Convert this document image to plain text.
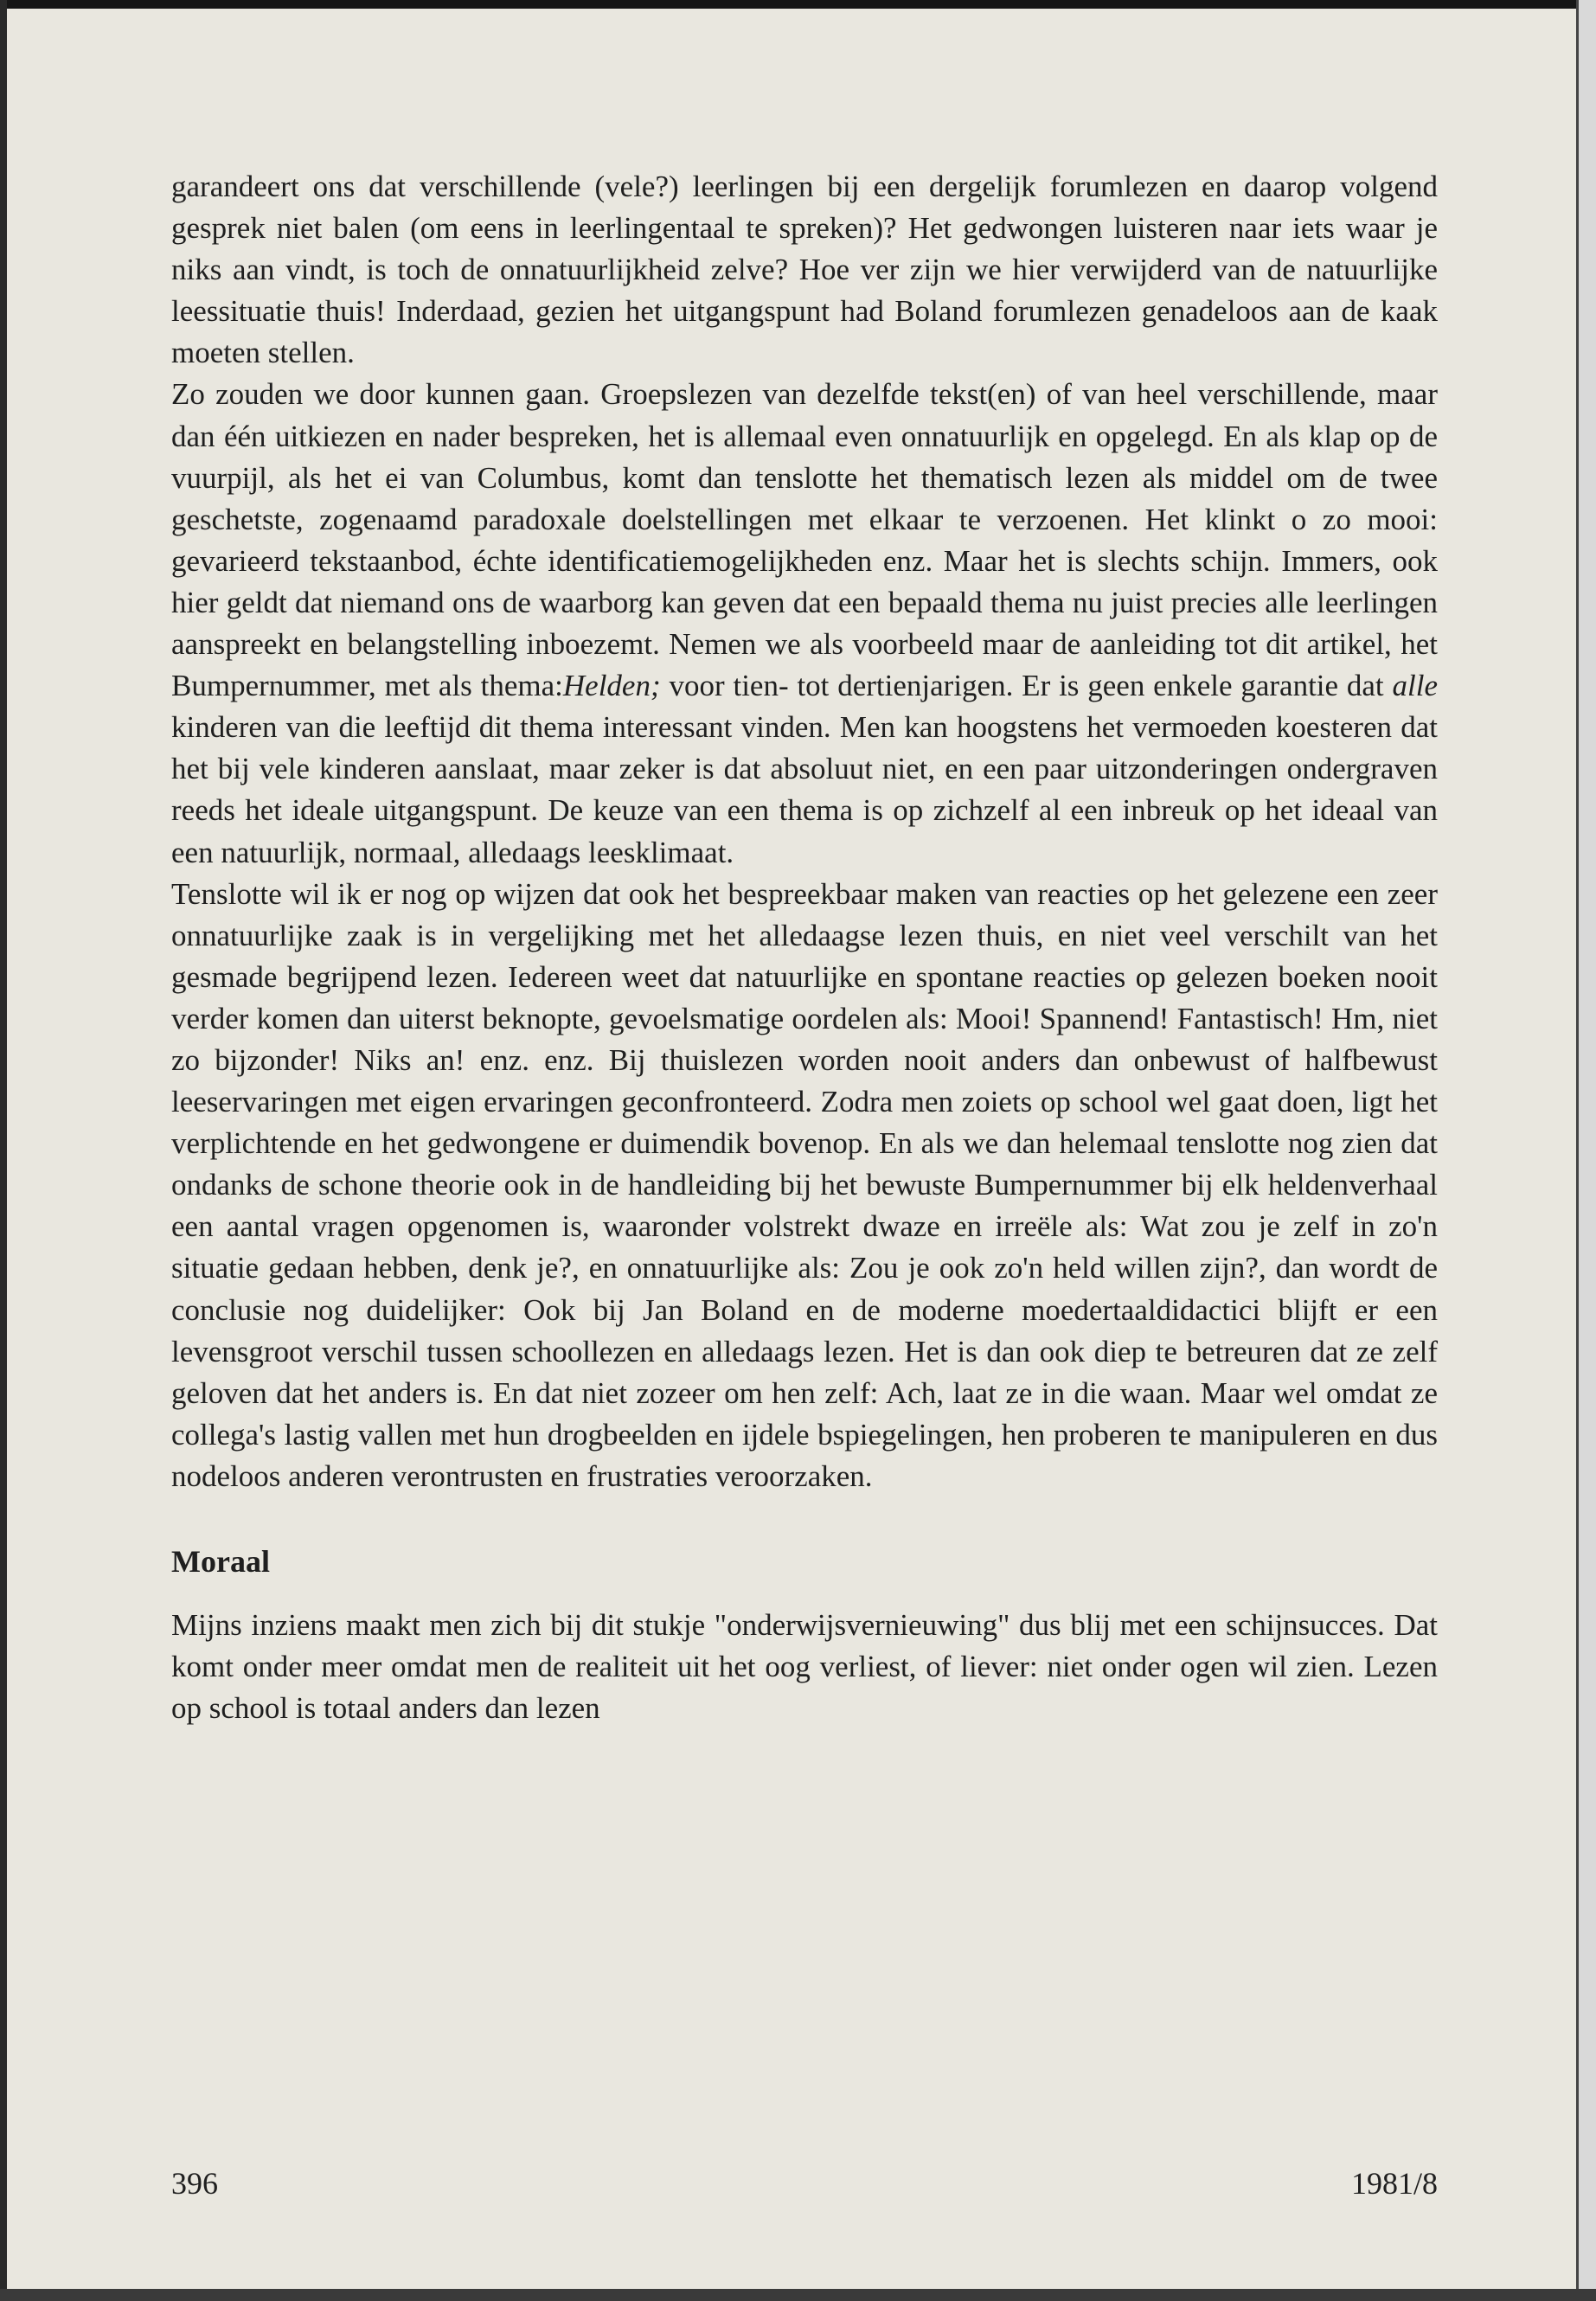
garandeert ons dat verschillende (vele?) leerlingen bij een dergelijk forumlezen en daarop volgend gesprek niet balen (om eens in leerlingentaal te spreken)? Het gedwongen luisteren naar iets waar je niks aan vindt, is toch de onnatuurlijkheid zelve? Hoe ver zijn we hier verwijderd van de natuurlijke leessituatie thuis! Inderdaad, gezien het uitgangspunt had Boland forumlezen genadeloos aan de kaak moeten stellen.

Zo zouden we door kunnen gaan. Groepslezen van dezelfde tekst(en) of van heel verschillende, maar dan één uitkiezen en nader bespreken, het is allemaal even onnatuurlijk en opgelegd. En als klap op de vuurpijl, als het ei van Columbus, komt dan tenslotte het thematisch lezen als middel om de twee geschetste, zogenaamd paradoxale doelstellingen met elkaar te verzoenen. Het klinkt o zo mooi: gevarieerd tekstaanbod, échte identificatiemogelijkheden enz. Maar het is slechts schijn. Immers, ook hier geldt dat niemand ons de waarborg kan geven dat een bepaald thema nu juist precies alle leerlingen aanspreekt en belangstelling inboezemt. Nemen we als voorbeeld maar de aanleiding tot dit artikel, het Bumpernummer, met als thema:Helden; voor tien- tot dertienjarigen. Er is geen enkele garantie dat alle kinderen van die leeftijd dit thema interessant vinden. Men kan hoogstens het vermoeden koesteren dat het bij vele kinderen aanslaat, maar zeker is dat absoluut niet, en een paar uitzonderingen ondergraven reeds het ideale uitgangspunt. De keuze van een thema is op zichzelf al een inbreuk op het ideaal van een natuurlijk, normaal, alledaags leesklimaat.

Tenslotte wil ik er nog op wijzen dat ook het bespreekbaar maken van reacties op het gelezene een zeer onnatuurlijke zaak is in vergelijking met het alledaagse lezen thuis, en niet veel verschilt van het gesmade begrijpend lezen. Iedereen weet dat natuurlijke en spontane reacties op gelezen boeken nooit verder komen dan uiterst beknopte, gevoelsmatige oordelen als: Mooi! Spannend! Fantastisch! Hm, niet zo bijzonder! Niks an! enz. enz. Bij thuislezen worden nooit anders dan onbewust of halfbewust leeservaringen met eigen ervaringen geconfronteerd. Zodra men zoiets op school wel gaat doen, ligt het verplichtende en het gedwongene er duimendik bovenop. En als we dan helemaal tenslotte nog zien dat ondanks de schone theorie ook in de handleiding bij het bewuste Bumpernummer bij elk heldenverhaal een aantal vragen opgenomen is, waaronder volstrekt dwaze en irreële als: Wat zou je zelf in zo'n situatie gedaan hebben, denk je?, en onnatuurlijke als: Zou je ook zo'n held willen zijn?, dan wordt de conclusie nog duidelijker: Ook bij Jan Boland en de moderne moedertaaldidactici blijft er een levensgroot verschil tussen schoollezen en alledaags lezen. Het is dan ook diep te betreuren dat ze zelf geloven dat het anders is. En dat niet zozeer om hen zelf: Ach, laat ze in die waan. Maar wel omdat ze collega's lastig vallen met hun drogbeelden en ijdele bspiegelingen, hen proberen te manipuleren en dus nodeloos anderen verontrusten en frustraties veroorzaken.

Moraal

Mijns inziens maakt men zich bij dit stukje "onderwijsvernieuwing" dus blij met een schijnsucces. Dat komt onder meer omdat men de realiteit uit het oog verliest, of liever: niet onder ogen wil zien. Lezen op school is totaal anders dan lezen

396	1981/8
